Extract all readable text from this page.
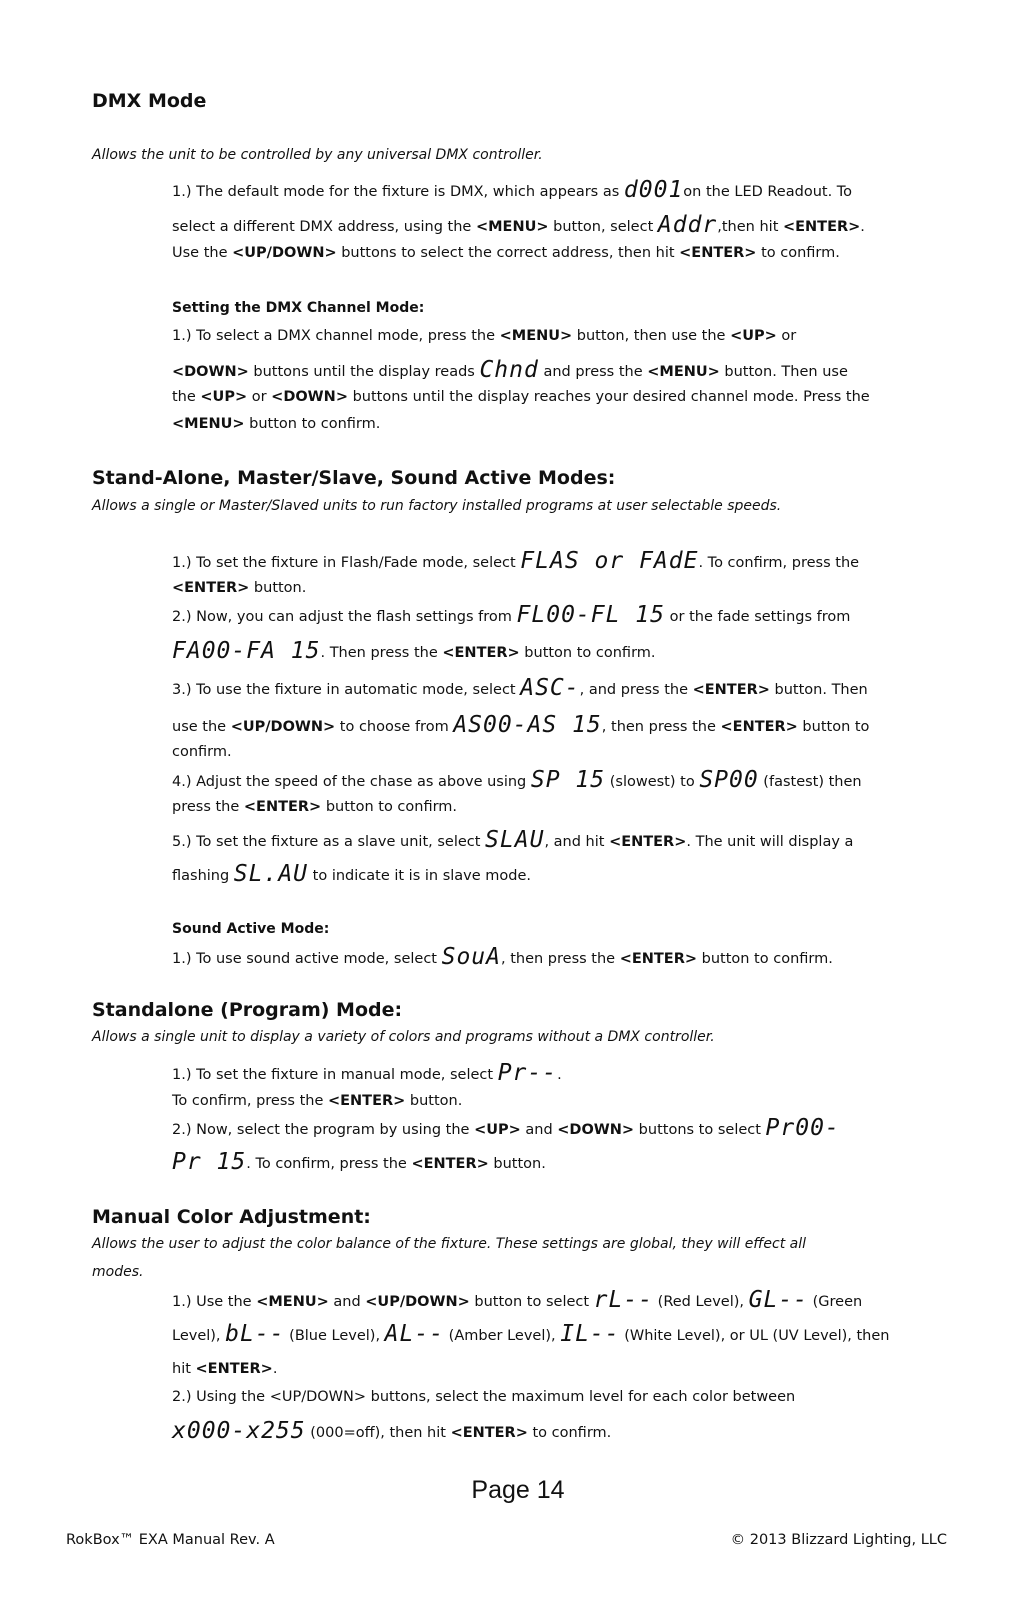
DMX Mode
Allows the unit to be controlled by any universal DMX controller.
1.) The default mode for the fixture is DMX, which appears as d001on the LED Readout. To
select a different DMX address, using the <MENU> button, select Addr,then hit <ENTER>.
Use the <UP/DOWN> buttons to select the correct address, then hit <ENTER> to confirm.
Setting the DMX Channel Mode:
1.) To select a DMX channel mode, press the <MENU> button, then use the <UP> or
<DOWN> buttons until the display reads Chnd and press the <MENU> button. Then use
the <UP> or <DOWN> buttons until the display reaches your desired channel mode. Press the
<MENU> button to confirm.
Stand-Alone, Master/Slave, Sound Active Modes:
Allows a single or Master/Slaved units to run factory installed programs at user selectable speeds.
1.) To set the fixture in Flash/Fade mode, select FLAS or FAdE. To confirm, press the
<ENTER> button.
2.) Now, you can adjust the flash settings from FL00-FL 15 or the fade settings from
FA00-FA 15. Then press the <ENTER> button to confirm.
3.) To use the fixture in automatic mode, select ASC-, and press the <ENTER> button. Then
use the <UP/DOWN> to choose from AS00-AS 15, then press the <ENTER> button to
confirm.
4.) Adjust the speed of the chase as above using SP 15 (slowest) to SP00 (fastest) then
press the <ENTER> button to confirm.
5.) To set the fixture as a slave unit, select SLAU, and hit <ENTER>. The unit will display a
flashing SL.AU to indicate it is in slave mode.
Sound Active Mode:
1.) To use sound active mode, select SouA, then press the <ENTER> button to confirm.
Standalone (Program) Mode:
Allows a single unit to display a variety of colors and programs without a DMX controller.
1.) To set the fixture in manual mode, select Pr--.
To confirm, press the <ENTER> button.
2.) Now, select the program by using the <UP> and <DOWN> buttons to select Pr00-
Pr 15. To confirm, press the <ENTER> button.
Manual Color Adjustment:
Allows the user to adjust the color balance of the fixture. These settings are global, they will effect all
modes.
1.) Use the <MENU> and <UP/DOWN> button to select rL-- (Red Level), GL-- (Green
Level), bL-- (Blue Level), AL-- (Amber Level), IL-- (White Level), or UL (UV Level), then
hit <ENTER>.
2.) Using the <UP/DOWN> buttons, select the maximum level for each color between
x000-x255 (000=off), then hit <ENTER> to confirm.
Page 14
RokBox™ EXA Manual Rev. A	© 2013 Blizzard Lighting, LLC
